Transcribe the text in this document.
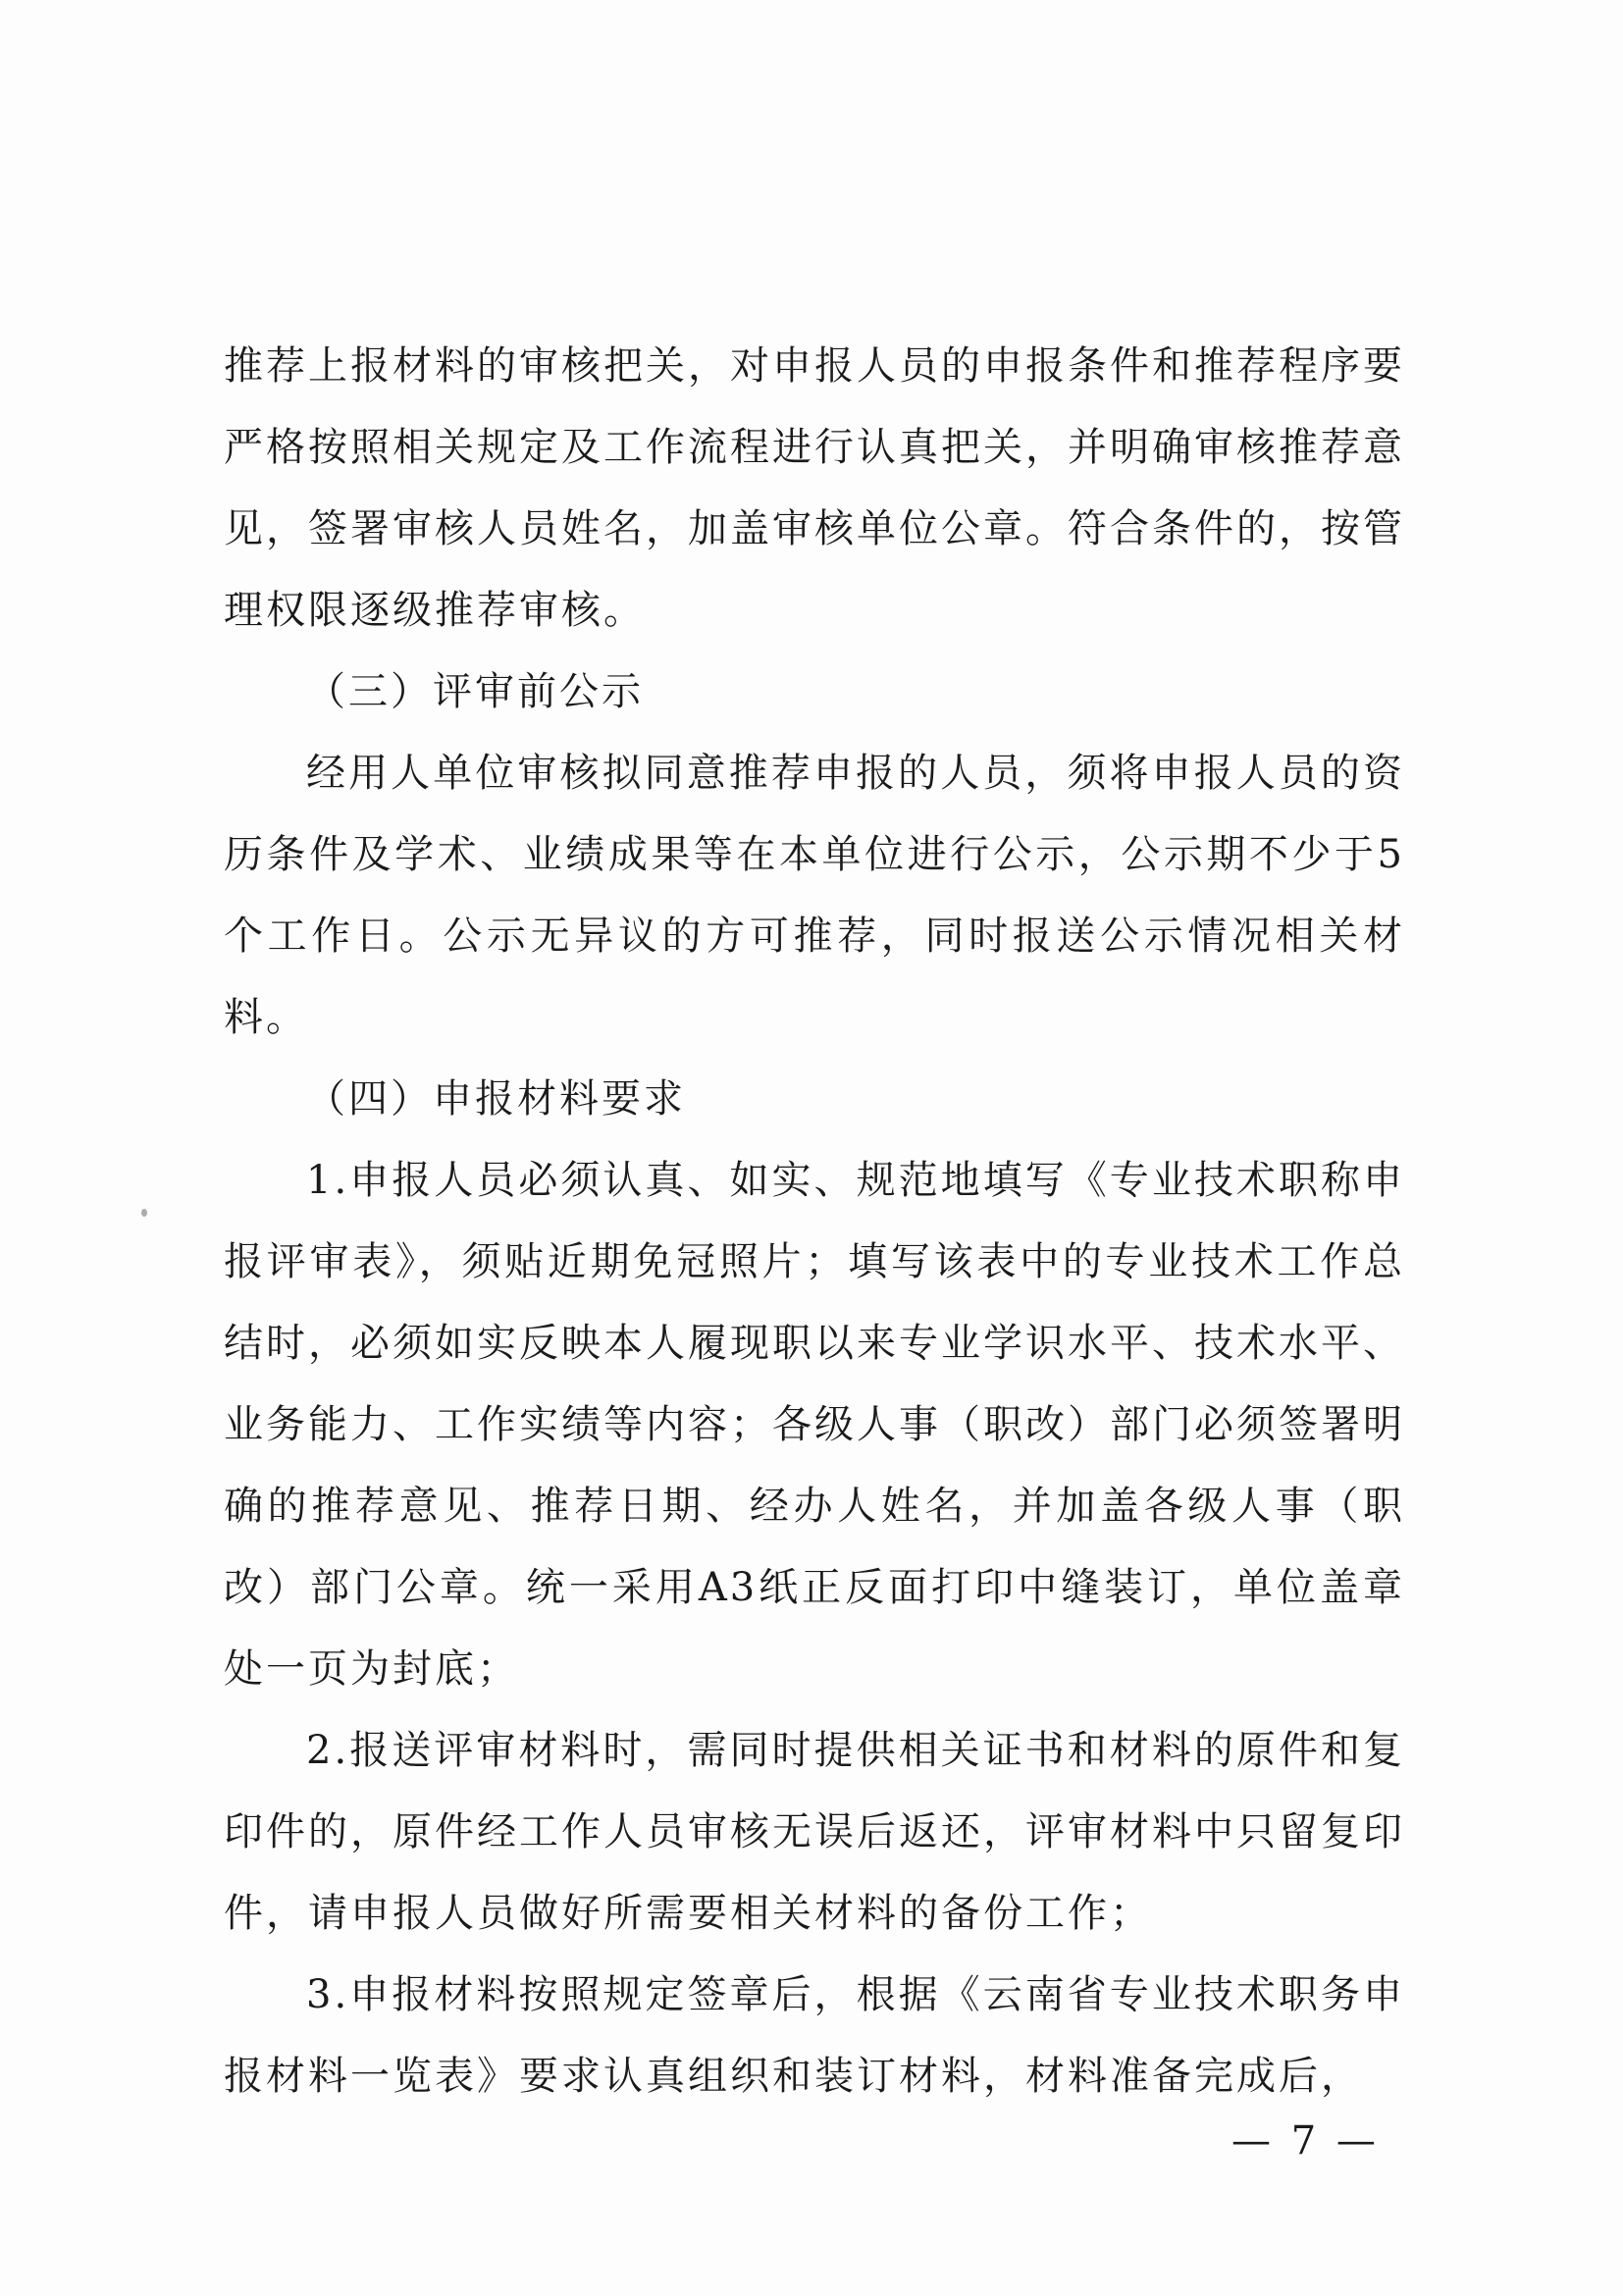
推荐上报材料的审核把关，对申报人员的申报条件和推荐程序要严格按照相关规定及工作流程进行认真把关，并明确审核推荐意见，签署审核人员姓名，加盖审核单位公章。符合条件的，按管理权限逐级推荐审核。

（三）评审前公示

经用人单位审核拟同意推荐申报的人员，须将申报人员的资历条件及学术、业绩成果等在本单位进行公示，公示期不少于5个工作日。公示无异议的方可推荐，同时报送公示情况相关材料。

（四）申报材料要求

1.申报人员必须认真、如实、规范地填写《专业技术职称申报评审表》，须贴近期免冠照片；填写该表中的专业技术工作总结时，必须如实反映本人履现职以来专业学识水平、技术水平、业务能力、工作实绩等内容；各级人事（职改）部门必须签署明确的推荐意见、推荐日期、经办人姓名，并加盖各级人事（职改）部门公章。统一采用A3纸正反面打印中缝装订，单位盖章处一页为封底；

2.报送评审材料时，需同时提供相关证书和材料的原件和复印件的，原件经工作人员审核无误后返还，评审材料中只留复印件，请申报人员做好所需要相关材料的备份工作；

3.申报材料按照规定签章后，根据《云南省专业技术职务申报材料一览表》要求认真组织和装订材料，材料准备完成后，

— 7 —
